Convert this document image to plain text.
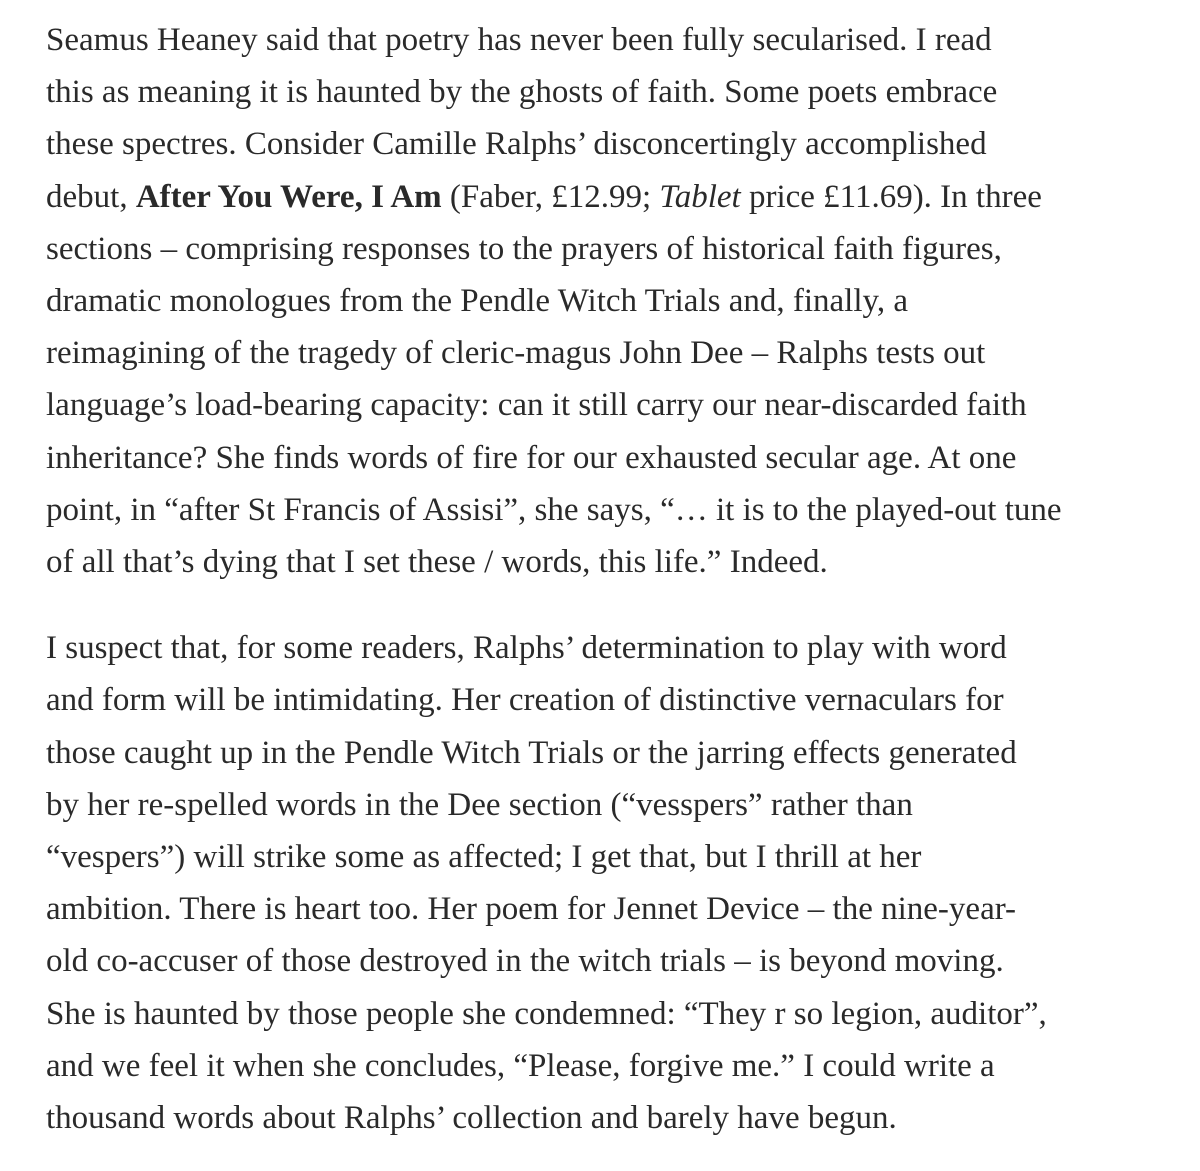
Seamus Heaney said that poetry has never been fully secularised. I read
this as meaning it is haunted by the ghosts of faith. Some poets embrace
these spectres. Consider Camille Ralphs’ disconcertingly accomplished
debut, After You Were, I Am (Faber, £12.99; Tablet price £11.69). In three
sections – comprising responses to the prayers of historical faith figures,
dramatic monologues from the Pendle Witch Trials and, finally, a
reimagining of the tragedy of cleric-magus John Dee – Ralphs tests out
language’s load-bearing capacity: can it still carry our near-discarded faith
inheritance? She finds words of fire for our exhausted secular age. At one
point, in “after St Francis of Assisi”, she says, “… it is to the played-out tune
of all that’s dying that I set these / words, this life.” Indeed.

I suspect that, for some readers, Ralphs’ determination to play with word
and form will be intimidating. Her creation of distinctive vernaculars for
those caught up in the Pendle Witch Trials or the jarring effects generated
by her re-spelled words in the Dee section (“vesspers” rather than
“vespers”) will strike some as affected; I get that, but I thrill at her
ambition. There is heart too. Her poem for Jennet Device – the nine-year-
old co-accuser of those destroyed in the witch trials – is beyond moving.
She is haunted by those people she condemned: “They r so legion, auditor”,
and we feel it when she concludes, “Please, forgive me.” I could write a
thousand words about Ralphs’ collection and barely have begun.
